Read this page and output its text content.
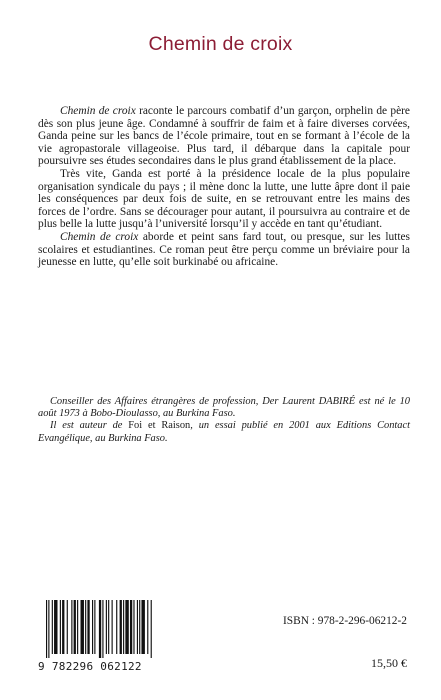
Chemin de croix

Chemin de croix raconte le parcours combatif d’un garçon, orphelin de père dès son plus jeune âge. Condamné à souffrir de faim et à faire diverses corvées, Ganda peine sur les bancs de l’école primaire, tout en se formant à l’école de la vie agropastorale villageoise. Plus tard, il débarque dans la capitale pour poursuivre ses études secondaires dans le plus grand établissement de la place.

Très vite, Ganda est porté à la présidence locale de la plus populaire organisation syndicale du pays ; il mène donc la lutte, une lutte âpre dont il paie les conséquences par deux fois de suite, en se retrouvant entre les mains des forces de l’ordre. Sans se décourager pour autant, il poursuivra au contraire et de plus belle la lutte jusqu’à l’université lorsqu’il y accède en tant qu’étudiant.

Chemin de croix aborde et peint sans fard tout, ou presque, sur les luttes scolaires et estudiantines. Ce roman peut être perçu comme un bréviaire pour la jeunesse en lutte, qu’elle soit burkinabé ou africaine.

Conseiller des Affaires étrangères de profession, Der Laurent DABIRÉ est né le 10 août 1973 à Bobo-Dioulasso, au Burkina Faso.

Il est auteur de Foi et Raison, un essai publié en 2001 aux Editions Contact Evangélique, au Burkina Faso.

9 782296 062122
ISBN : 978-2-296-06212-2
15,50 €
